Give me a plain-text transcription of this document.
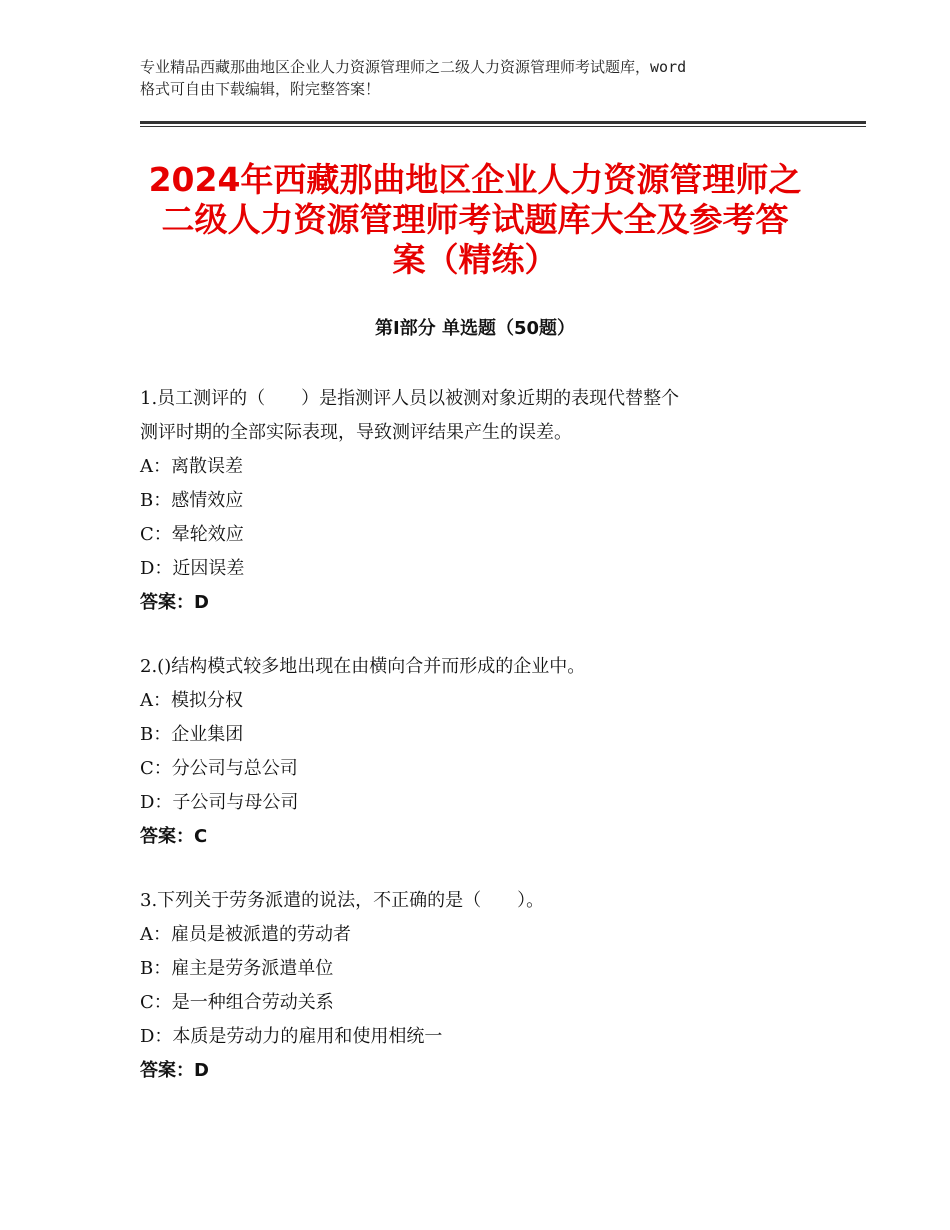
专业精品西藏那曲地区企业人力资源管理师之二级人力资源管理师考试题库，word
格式可自由下载编辑，附完整答案！
2024年西藏那曲地区企业人力资源管理师之
二级人力资源管理师考试题库大全及参考答
案（精练）
第Ⅰ部分 单选题（50题）
1.员工测评的（　　）是指测评人员以被测对象近期的表现代替整个
测评时期的全部实际表现，导致测评结果产生的误差。
A：离散误差
B：感情效应
C：晕轮效应
D：近因误差
答案：D
2.()结构模式较多地出现在由横向合并而形成的企业中。
A：模拟分权
B：企业集团
C：分公司与总公司
D：子公司与母公司
答案：C
3.下列关于劳务派遣的说法，不正确的是（　　）。
A：雇员是被派遣的劳动者
B：雇主是劳务派遣单位
C：是一种组合劳动关系
D：本质是劳动力的雇用和使用相统一
答案：D
